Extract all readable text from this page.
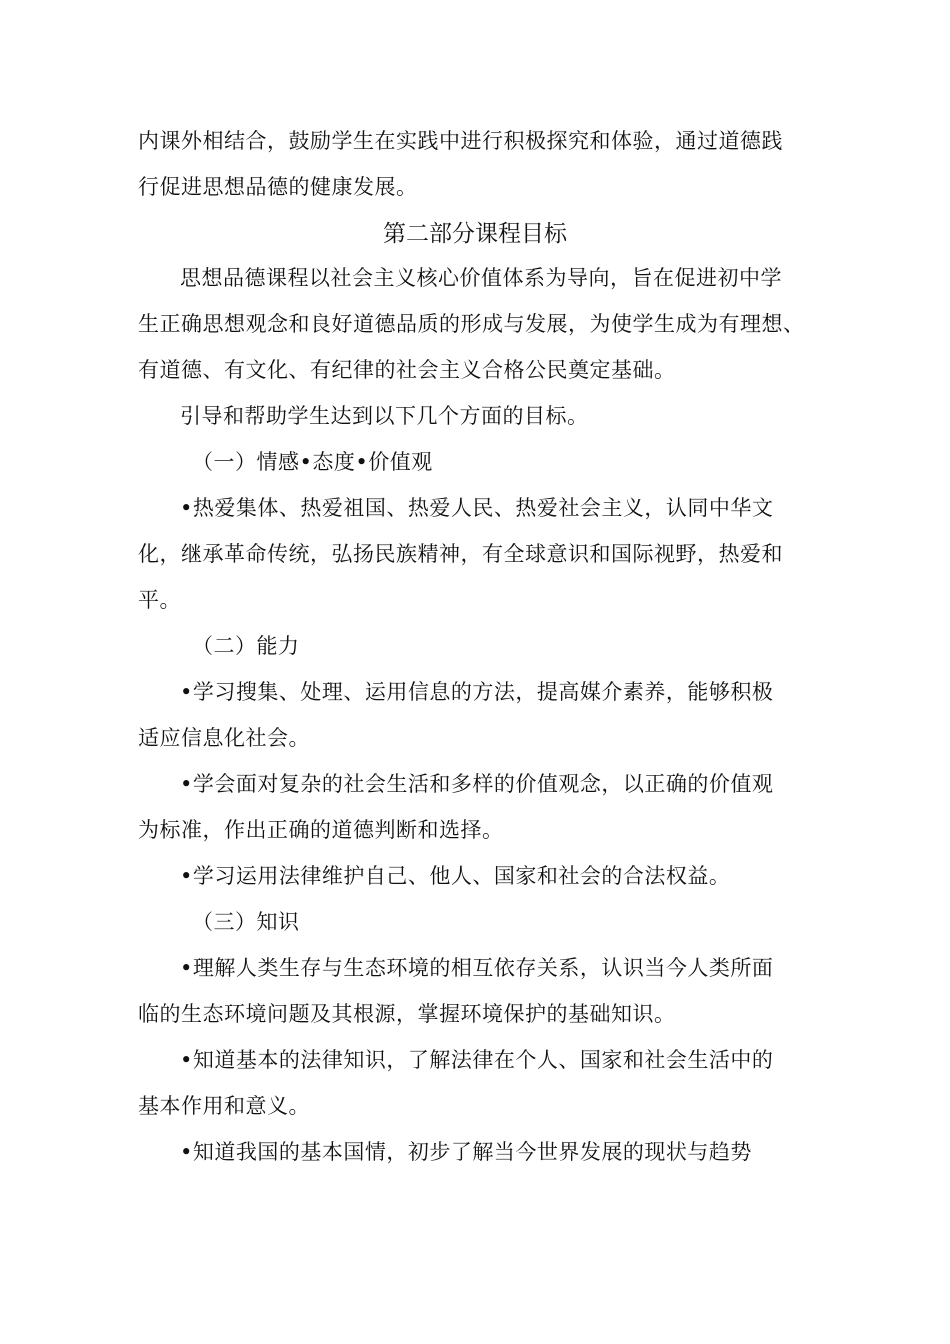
内课外相结合，鼓励学生在实践中进行积极探究和体验，通过道德践
行促进思想品德的健康发展。
第二部分课程目标
思想品德课程以社会主义核心价值体系为导向，旨在促进初中学
生正确思想观念和良好道德品质的形成与发展，为使学生成为有理想、
有道德、有文化、有纪律的社会主义合格公民奠定基础。
引导和帮助学生达到以下几个方面的目标。
（一）情感•态度•价值观
•热爱集体、热爱祖国、热爱人民、热爱社会主义，认同中华文
化，继承革命传统，弘扬民族精神，有全球意识和国际视野，热爱和
平。
（二）能力
•学习搜集、处理、运用信息的方法，提高媒介素养，能够积极
适应信息化社会。
•学会面对复杂的社会生活和多样的价值观念，以正确的价值观
为标准，作出正确的道德判断和选择。
•学习运用法律维护自己、他人、国家和社会的合法权益。
（三）知识
•理解人类生存与生态环境的相互依存关系，认识当今人类所面
临的生态环境问题及其根源，掌握环境保护的基础知识。
•知道基本的法律知识，了解法律在个人、国家和社会生活中的
基本作用和意义。
•知道我国的基本国情，初步了解当今世界发展的现状与趋势
